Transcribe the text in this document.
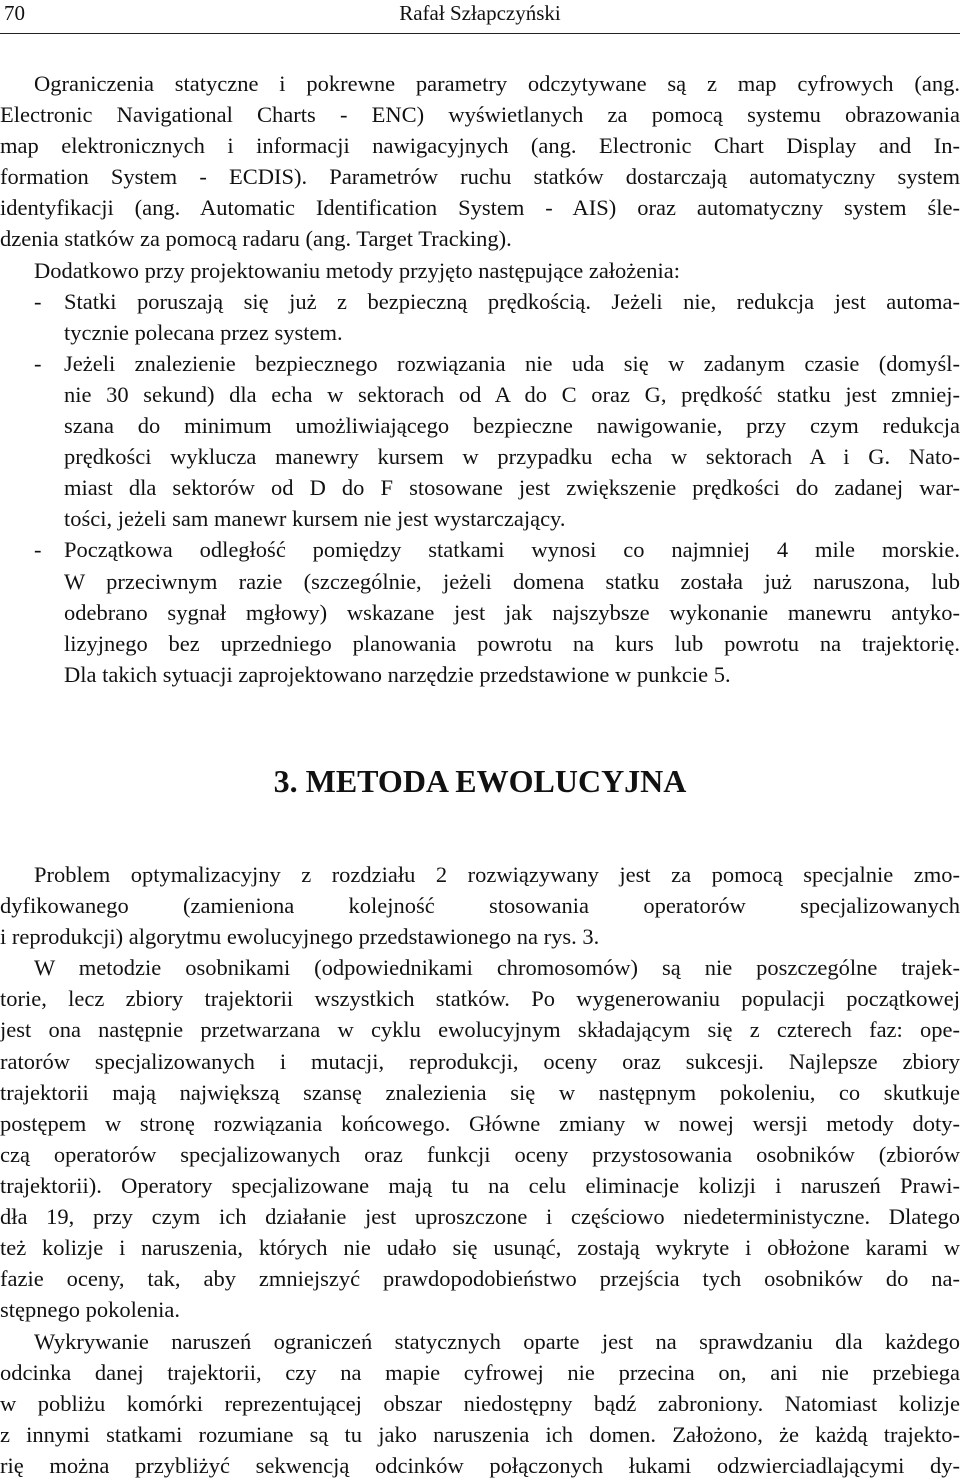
70	Rafał Szłapczyński
Ograniczenia statyczne i pokrewne parametry odczytywane są z map cyfrowych (ang.
Electronic Navigational Charts - ENC) wyświetlanych za pomocą systemu obrazowania
map elektronicznych i informacji nawigacyjnych (ang. Electronic Chart Display and In-
formation System - ECDIS). Parametrów ruchu statków dostarczają automatyczny system
identyfikacji (ang. Automatic Identification System - AIS) oraz automatyczny system śle-
dzenia statków za pomocą radaru (ang. Target Tracking).
Dodatkowo przy projektowaniu metody przyjęto następujące założenia:
- Statki poruszają się już z bezpieczną prędkością. Jeżeli nie, redukcja jest automa-
tycznie polecana przez system.
- Jeżeli znalezienie bezpiecznego rozwiązania nie uda się w zadanym czasie (domyśl-
nie 30 sekund) dla echa w sektorach od A do C oraz G, prędkość statku jest zmniej-
szana do minimum umożliwiającego bezpieczne nawigowanie, przy czym redukcja
prędkości wyklucza manewry kursem w przypadku echa w sektorach A i G. Nato-
miast dla sektorów od D do F stosowane jest zwiększenie prędkości do zadanej war-
tości, jeżeli sam manewr kursem nie jest wystarczający.
- Początkowa odległość pomiędzy statkami wynosi co najmniej 4 mile morskie.
W przeciwnym razie (szczególnie, jeżeli domena statku została już naruszona, lub
odebrano sygnał mgłowy) wskazane jest jak najszybsze wykonanie manewru antyko-
lizyjnego bez uprzedniego planowania powrotu na kurs lub powrotu na trajektorię.
Dla takich sytuacji zaprojektowano narzędzie przedstawione w punkcie 5.
3. METODA EWOLUCYJNA
Problem optymalizacyjny z rozdziału 2 rozwiązywany jest za pomocą specjalnie zmo-
dyfikowanego (zamieniona kolejność stosowania operatorów specjalizowanych
i reprodukcji) algorytmu ewolucyjnego przedstawionego na rys. 3.
W metodzie osobnikami (odpowiednikami chromosomów) są nie poszczególne trajek-
torie, lecz zbiory trajektorii wszystkich statków. Po wygenerowaniu populacji początkowej
jest ona następnie przetwarzana w cyklu ewolucyjnym składającym się z czterech faz: ope-
ratorów specjalizowanych i mutacji, reprodukcji, oceny oraz sukcesji. Najlepsze zbiory
trajektorii mają największą szansę znalezienia się w następnym pokoleniu, co skutkuje
postępem w stronę rozwiązania końcowego. Główne zmiany w nowej wersji metody doty-
czą operatorów specjalizowanych oraz funkcji oceny przystosowania osobników (zbiorów
trajektorii). Operatory specjalizowane mają tu na celu eliminacje kolizji i naruszeń Prawi-
dła 19, przy czym ich działanie jest uproszczone i częściowo niedeterministyczne. Dlatego
też kolizje i naruszenia, których nie udało się usunąć, zostają wykryte i obłożone karami w
fazie oceny, tak, aby zmniejszyć prawdopodobieństwo przejścia tych osobników do na-
stępnego pokolenia.
Wykrywanie naruszeń ograniczeń statycznych oparte jest na sprawdzaniu dla każdego
odcinka danej trajektorii, czy na mapie cyfrowej nie przecina on, ani nie przebiega
w pobliżu komórki reprezentującej obszar niedostępny bądź zabroniony. Natomiast kolizje
z innymi statkami rozumiane są tu jako naruszenia ich domen. Założono, że każdą trajekto-
rię można przybliżyć sekwencją odcinków połączonych łukami odzwierciadlającymi dy-
